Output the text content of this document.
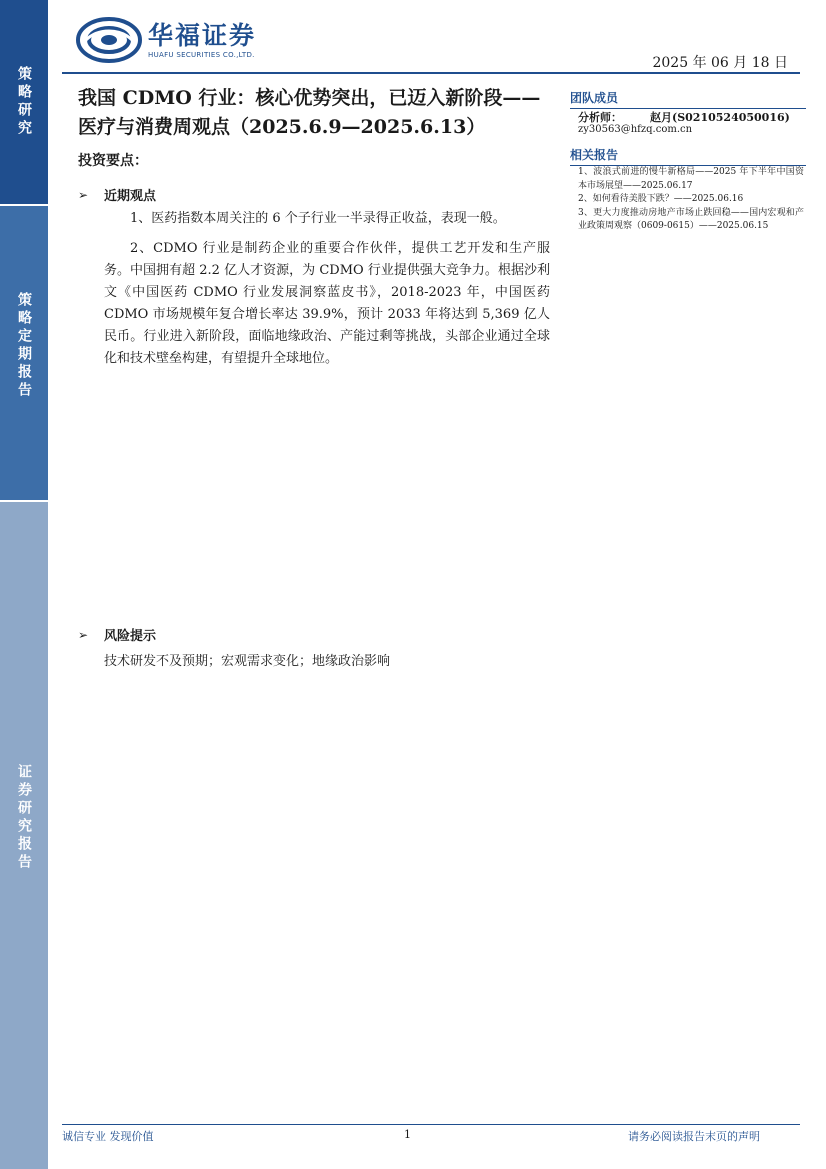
策略研究
策略定期报告
证券研究报告
华福证券
HUAFU SECURITIES CO.,LTD.	2025 年 06 月 18 日
我国 CDMO 行业：核心优势突出，已迈入新阶段——医疗与消费周观点（2025.6.9—2025.6.13）
投资要点：
➢	近期观点

1、医药指数本周关注的 6 个子行业一半录得正收益，表现一般。

2、CDMO 行业是制药企业的重要合作伙伴，提供工艺开发和生产服务。中国拥有超 2.2 亿人才资源，为 CDMO 行业提供强大竞争力。根据沙利文《中国医药 CDMO 行业发展洞察蓝皮书》，2018-2023 年，中国医药 CDMO 市场规模年复合增长率达 39.9%，预计 2033 年将达到 5,369 亿人民币。行业进入新阶段，面临地缘政治、产能过剩等挑战，头部企业通过全球化和技术壁垒构建，有望提升全球地位。

➢	风险提示

技术研发不及预期；宏观需求变化；地缘政治影响

团队成员
分析师：	赵月(S0210524050016)
zy30563@hfzq.com.cn
相关报告
1、波浪式前进的慢牛新格局——2025 年下半年中国资本市场展望——2025.06.17
2、如何看待美股下跌？——2025.06.16
3、更大力度推动房地产市场止跌回稳——国内宏观和产业政策周观察（0609-0615）——2025.06.15
诚信专业 发现价值	1	请务必阅读报告末页的声明
